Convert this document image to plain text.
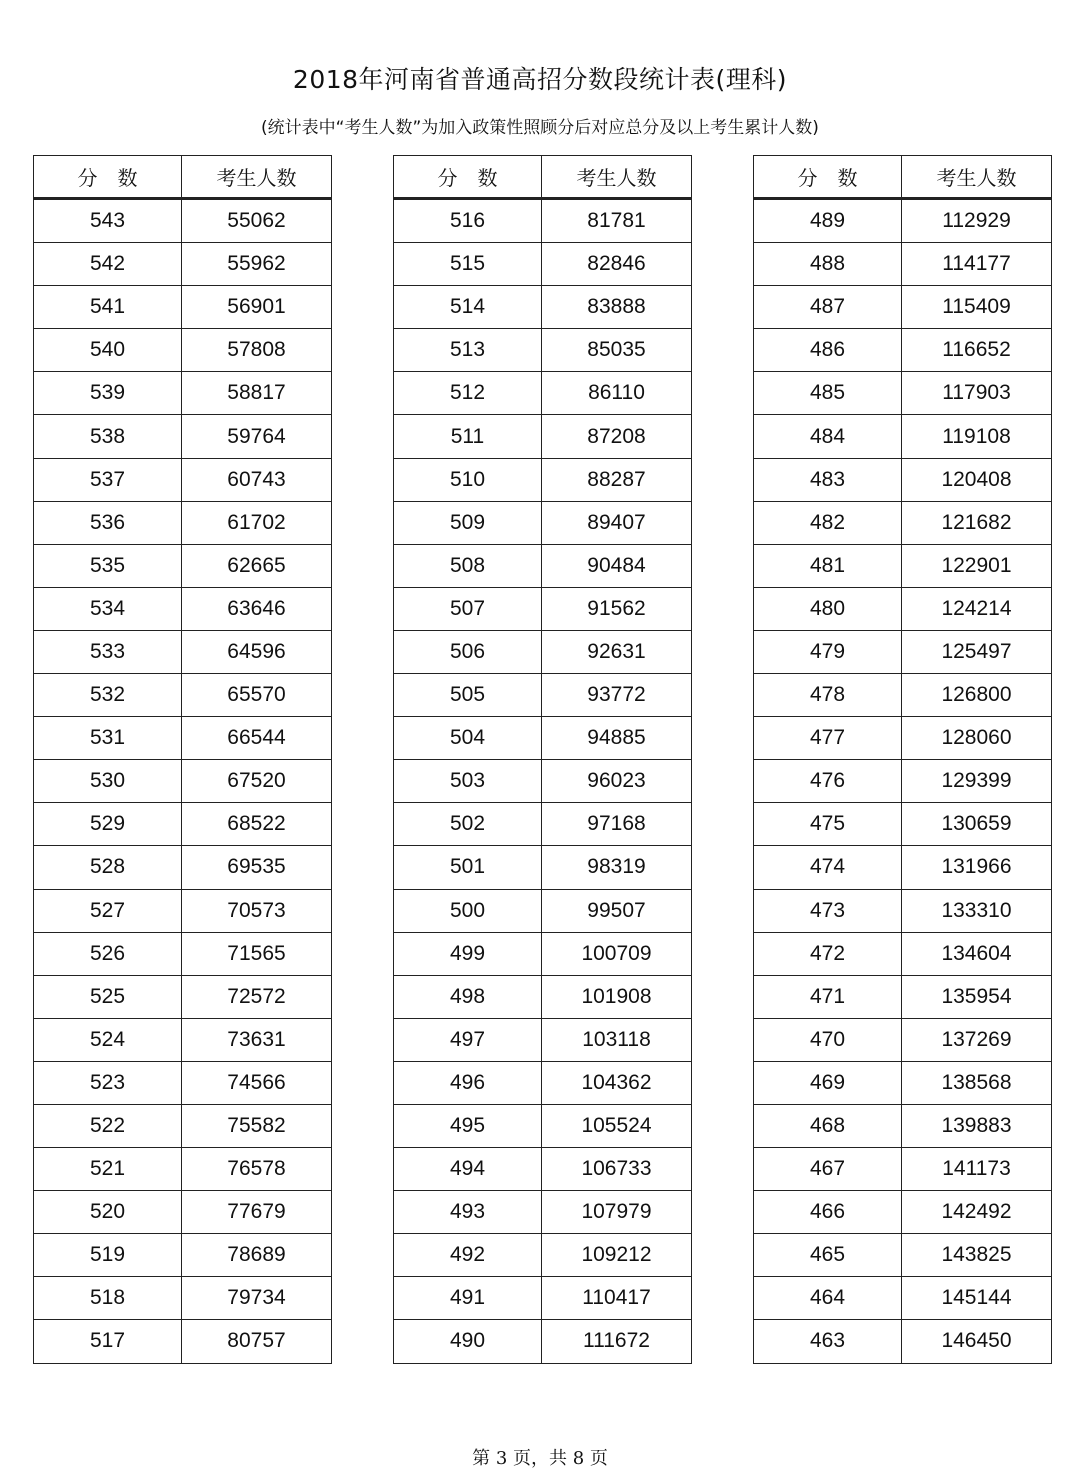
2018年河南省普通高招分数段统计表(理科)
(统计表中“考生人数”为加入政策性照顾分后对应总分及以上考生累计人数)
分　数	考生人数
543	55062
542	55962
541	56901
540	57808
539	58817
538	59764
537	60743
536	61702
535	62665
534	63646
533	64596
532	65570
531	66544
530	67520
529	68522
528	69535
527	70573
526	71565
525	72572
524	73631
523	74566
522	75582
521	76578
520	77679
519	78689
518	79734
517	80757
分　数	考生人数
516	81781
515	82846
514	83888
513	85035
512	86110
511	87208
510	88287
509	89407
508	90484
507	91562
506	92631
505	93772
504	94885
503	96023
502	97168
501	98319
500	99507
499	100709
498	101908
497	103118
496	104362
495	105524
494	106733
493	107979
492	109212
491	110417
490	111672
分　数	考生人数
489	112929
488	114177
487	115409
486	116652
485	117903
484	119108
483	120408
482	121682
481	122901
480	124214
479	125497
478	126800
477	128060
476	129399
475	130659
474	131966
473	133310
472	134604
471	135954
470	137269
469	138568
468	139883
467	141173
466	142492
465	143825
464	145144
463	146450
第 3 页，共 8 页
